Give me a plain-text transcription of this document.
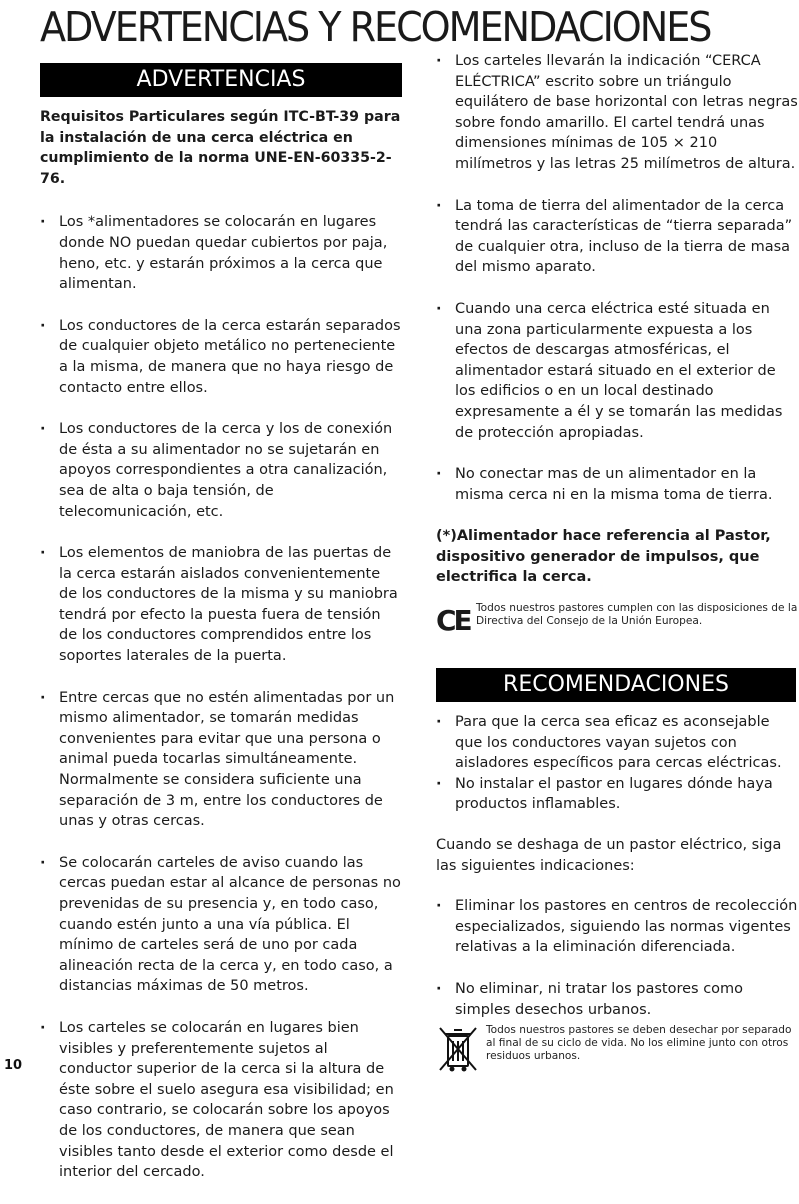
ADVERTENCIAS Y RECOMENDACIONES
ADVERTENCIAS
Requisitos Particulares según ITC-BT-39 para la instalación de una cerca eléctrica en cumplimiento de la norma UNE-EN-60335-2-76.
· Los *alimentadores se colocarán en lugares donde NO puedan quedar cubiertos por paja, heno, etc. y estarán próximos a la cerca que alimentan.
· Los conductores de la cerca estarán separados de cualquier objeto metálico no perteneciente a la misma, de manera que no haya riesgo de contacto entre ellos.
· Los conductores de la cerca y los de conexión de ésta a su alimentador no se sujetarán en apoyos correspondientes a otra canalización, sea de alta o baja tensión, de telecomunicación, etc.
· Los elementos de maniobra de las puertas de la cerca estarán aislados convenientemente de los conductores de la misma y su maniobra tendrá por efecto la puesta fuera de tensión de los conductores comprendidos entre los soportes laterales de la puerta.
· Entre cercas que no estén alimentadas por un mismo alimentador, se tomarán medidas convenientes para evitar que una persona o animal pueda tocarlas simultáneamente. Normalmente se considera suficiente una separación de 3 m, entre los conductores de unas y otras cercas.
· Se colocarán carteles de aviso cuando las cercas puedan estar al alcance de personas no prevenidas de su presencia y, en todo caso, cuando estén junto a una vía pública. El mínimo de carteles será de uno por cada alineación recta de la cerca y, en todo caso, a distancias máximas de 50 metros.
· Los carteles se colocarán en lugares bien visibles y preferentemente sujetos al conductor superior de la cerca si la altura de éste sobre el suelo asegura esa visibilidad; en caso contrario, se colocarán sobre los apoyos de los conductores, de manera que sean visibles tanto desde el exterior como desde el interior del cercado.
· Los carteles llevarán la indicación “CERCA ELÉCTRICA” escrito sobre un triángulo equilátero de base horizontal con letras negras sobre fondo amarillo. El cartel tendrá unas dimensiones mínimas de 105 × 210 milímetros y las letras 25 milímetros de altura.
· La toma de tierra del alimentador de la cerca tendrá las características de “tierra separada” de cualquier otra, incluso de la tierra de masa del mismo aparato.
· Cuando una cerca eléctrica esté situada en una zona particularmente expuesta a los efectos de descargas atmosféricas, el alimentador estará situado en el exterior de los edificios o en un local destinado expresamente a él y se tomarán las medidas de protección apropiadas.
· No conectar mas de un alimentador en la misma cerca ni en la misma toma de tierra.
(*)Alimentador hace referencia al Pastor, dispositivo generador de impulsos, que electrifica la cerca.
CE Todos nuestros pastores cumplen con las disposiciones de la Directiva del Consejo de la Unión Europea.
RECOMENDACIONES
· Para que la cerca sea eficaz es aconsejable que los conductores vayan sujetos con aisladores específicos para cercas eléctricas.
· No instalar el pastor en lugares dónde haya productos inflamables.
Cuando se deshaga de un pastor eléctrico, siga las siguientes indicaciones:
· Eliminar los pastores en centros de recolección especializados, siguiendo las normas vigentes relativas a la eliminación diferenciada.
· No eliminar, ni tratar los pastores como simples desechos urbanos.
Todos nuestros pastores se deben desechar por separado al final de su ciclo de vida. No los elimine junto con otros residuos urbanos.
10
